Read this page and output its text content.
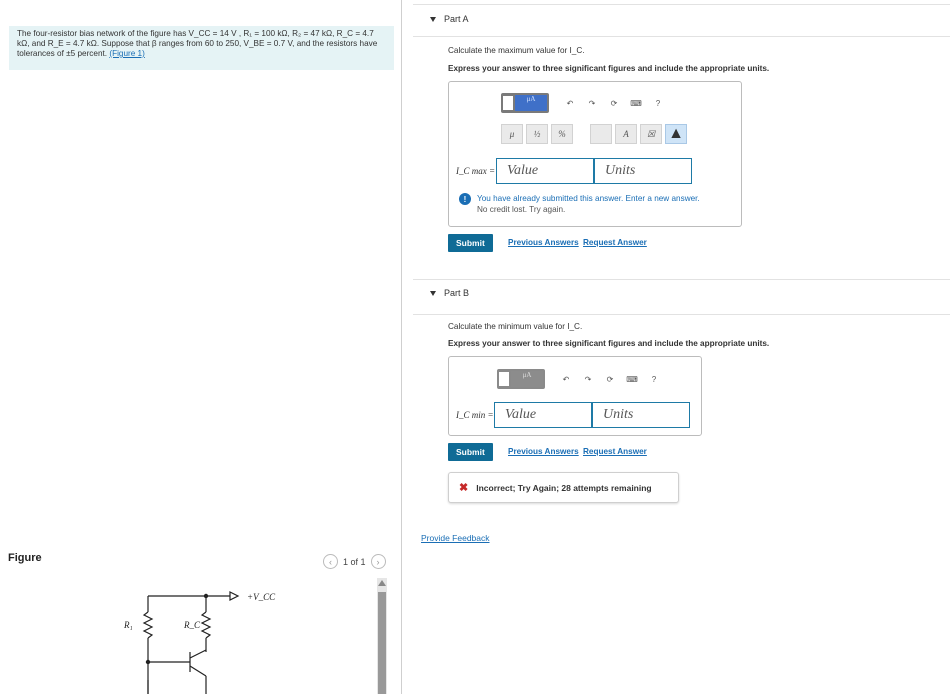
The four-resistor bias network of the figure has V_CC = 14 V , R₁ = 100 kΩ, R₂ = 47 kΩ, R_C = 4.7 kΩ, and R_E = 4.7 kΩ. Suppose that β ranges from 60 to 250, V_BE = 0.7 V, and the resistors have tolerances of ±5 percent. (Figure 1)
Figure	‹	1 of 1	›
+V_CC
R₁	R_C
Part A
Calculate the maximum value for I_C.
Express your answer to three significant figures and include the appropriate units.
μA	↶	↷	⟳	⌨	?
μ	½	%	A	☒ ▲
I_C max = Value	Units
!	You have already submitted this answer. Enter a new answer.
No credit lost. Try again.
Submit	Previous Answers Request Answer
Part B
Calculate the minimum value for I_C.
Express your answer to three significant figures and include the appropriate units.
μA	↶	↷	⟳	⌨	?
I_C min = Value	Units
Submit	Previous Answers Request Answer
✖ Incorrect; Try Again; 28 attempts remaining
Provide Feedback
